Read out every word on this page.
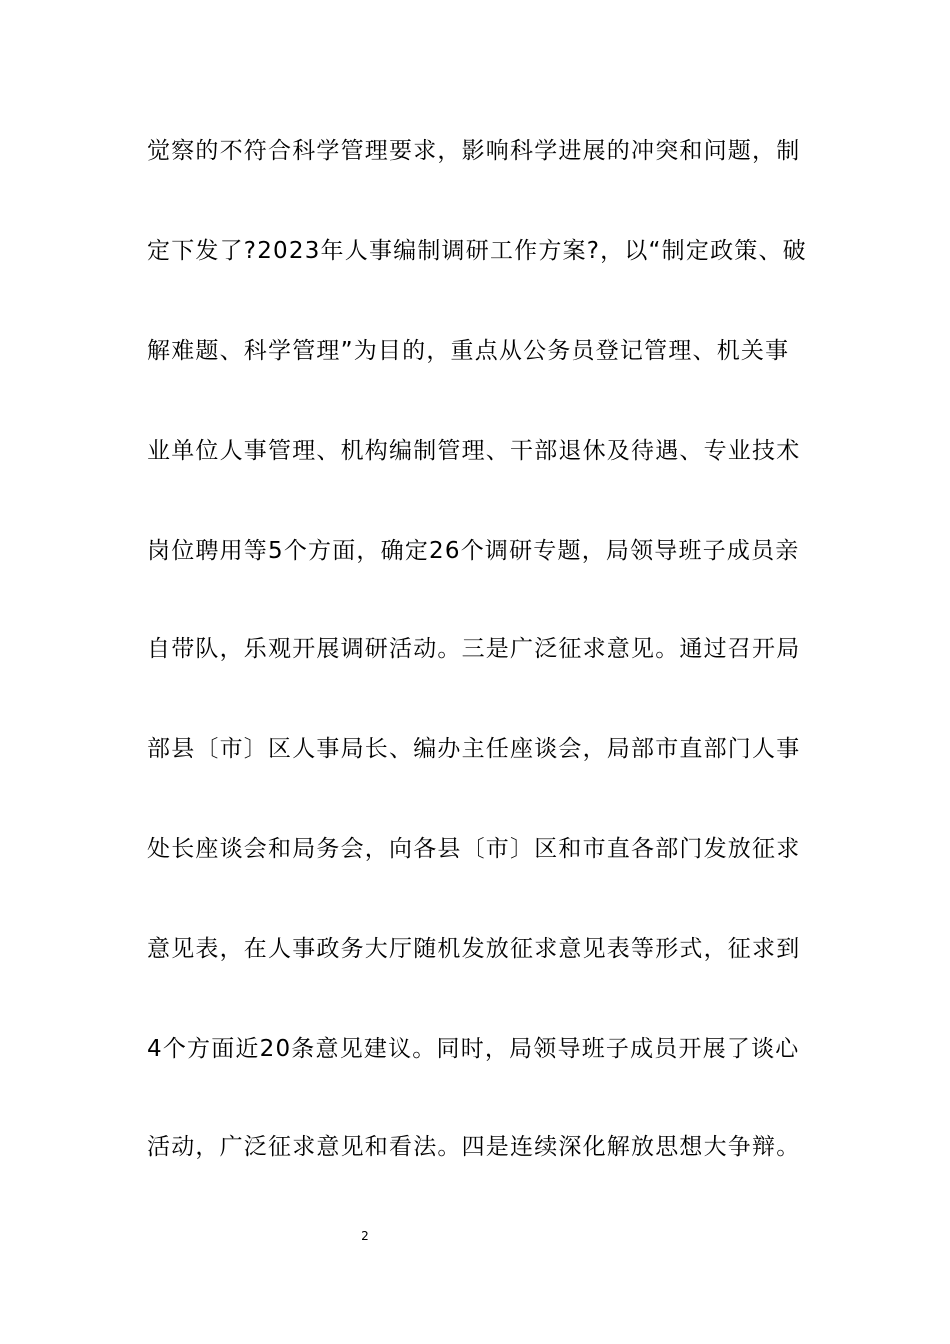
觉察的不符合科学管理要求，影响科学进展的冲突和问题，制
定下发了?2023年人事编制调研工作方案?，以“制定政策、破
解难题、科学管理”为目的，重点从公务员登记管理、机关事
业单位人事管理、机构编制管理、干部退休及待遇、专业技术
岗位聘用等5个方面，确定26个调研专题，局领导班子成员亲
自带队，乐观开展调研活动。三是广泛征求意见。通过召开局
部县〔市〕区人事局长、编办主任座谈会，局部市直部门人事
处长座谈会和局务会，向各县〔市〕区和市直各部门发放征求
意见表，在人事政务大厅随机发放征求意见表等形式，征求到
4个方面近20条意见建议。同时，局领导班子成员开展了谈心
活动，广泛征求意见和看法。四是连续深化解放思想大争辩。
2
